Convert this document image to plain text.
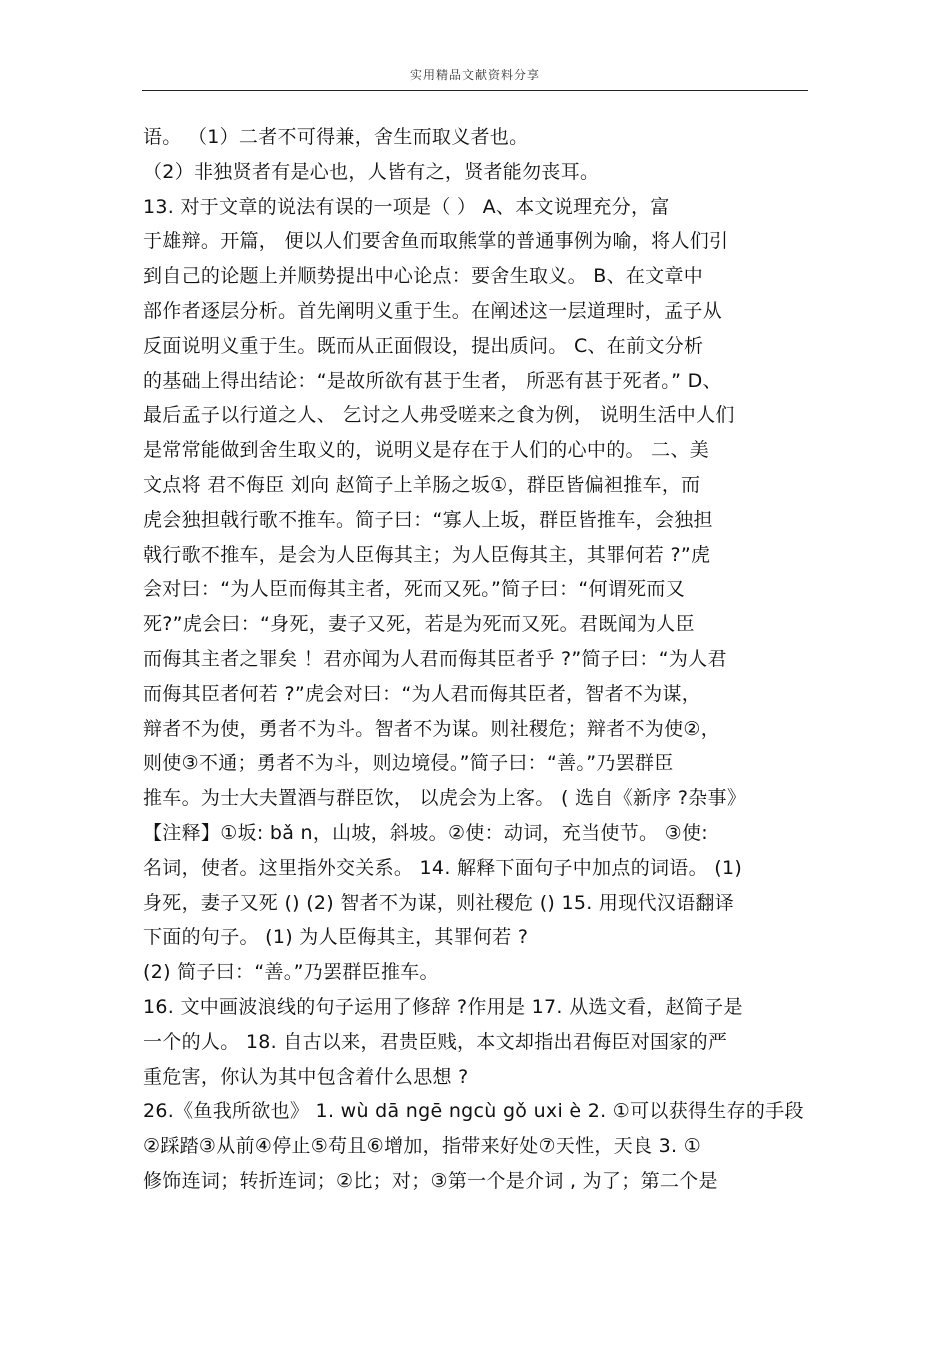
实用精品文献资料分享
语。 （1）二者不可得兼，舍生而取义者也。
（2）非独贤者有是心也，人皆有之，贤者能勿丧耳。
13. 对于文章的说法有误的一项是（ ） A、本文说理充分，富
于雄辩。开篇， 便以人们要舍鱼而取熊掌的普通事例为喻，将人们引
到自己的论题上并顺势提出中心论点：要舍生取义。 B、在文章中
部作者逐层分析。首先阐明义重于生。在阐述这一层道理时，孟子从
反面说明义重于生。既而从正面假设，提出质问。 C、在前文分析
的基础上得出结论：“是故所欲有甚于生者， 所恶有甚于死者。” D、
最后孟子以行道之人、 乞讨之人弗受嗟来之食为例， 说明生活中人们
是常常能做到舍生取义的，说明义是存在于人们的心中的。 二、美
文点将 君不侮臣 刘向 赵简子上羊肠之坂①，群臣皆偏袒推车，而
虎会独担戟行歌不推车。简子曰：“寡人上坂，群臣皆推车，会独担
戟行歌不推车，是会为人臣侮其主；为人臣侮其主，其罪何若 ?”虎
会对曰：“为人臣而侮其主者，死而又死。”简子曰：“何谓死而又
死?”虎会曰：“身死，妻子又死，若是为死而又死。君既闻为人臣
而侮其主者之罪矣 ！君亦闻为人君而侮其臣者乎 ?”简子曰：“为人君
而侮其臣者何若 ?”虎会对曰：“为人君而侮其臣者，智者不为谋，
辩者不为使，勇者不为斗。智者不为谋。则社稷危；辩者不为使②，
则使③不通；勇者不为斗，则边境侵。”简子曰：“善。”乃罢群臣
推车。为士大夫置酒与群臣饮， 以虎会为上客。 ( 选自《新序 ?杂事》
【注释】①坂: bǎ n，山坡，斜坡。②使：动词，充当使节。 ③使:
名词，使者。这里指外交关系。 14. 解释下面句子中加点的词语。 (1)
身死，妻子又死 () (2) 智者不为谋，则社稷危 () 15. 用现代汉语翻译
下面的句子。 (1) 为人臣侮其主，其罪何若 ?
(2) 简子曰：“善。”乃罢群臣推车。
16. 文中画波浪线的句子运用了修辞 ?作用是 17. 从选文看，赵简子是
一个的人。 18. 自古以来，君贵臣贱，本文却指出君侮臣对国家的严
重危害，你认为其中包含着什么思想 ?
26.《鱼我所欲也》 1. wù dā ngē ngcù gǒ uxi è 2. ①可以获得生存的手段
②踩踏③从前④停止⑤苟且⑥增加，指带来好处⑦天性，天良 3. ①
修饰连词；转折连词；②比；对；③第一个是介词 , 为了；第二个是
